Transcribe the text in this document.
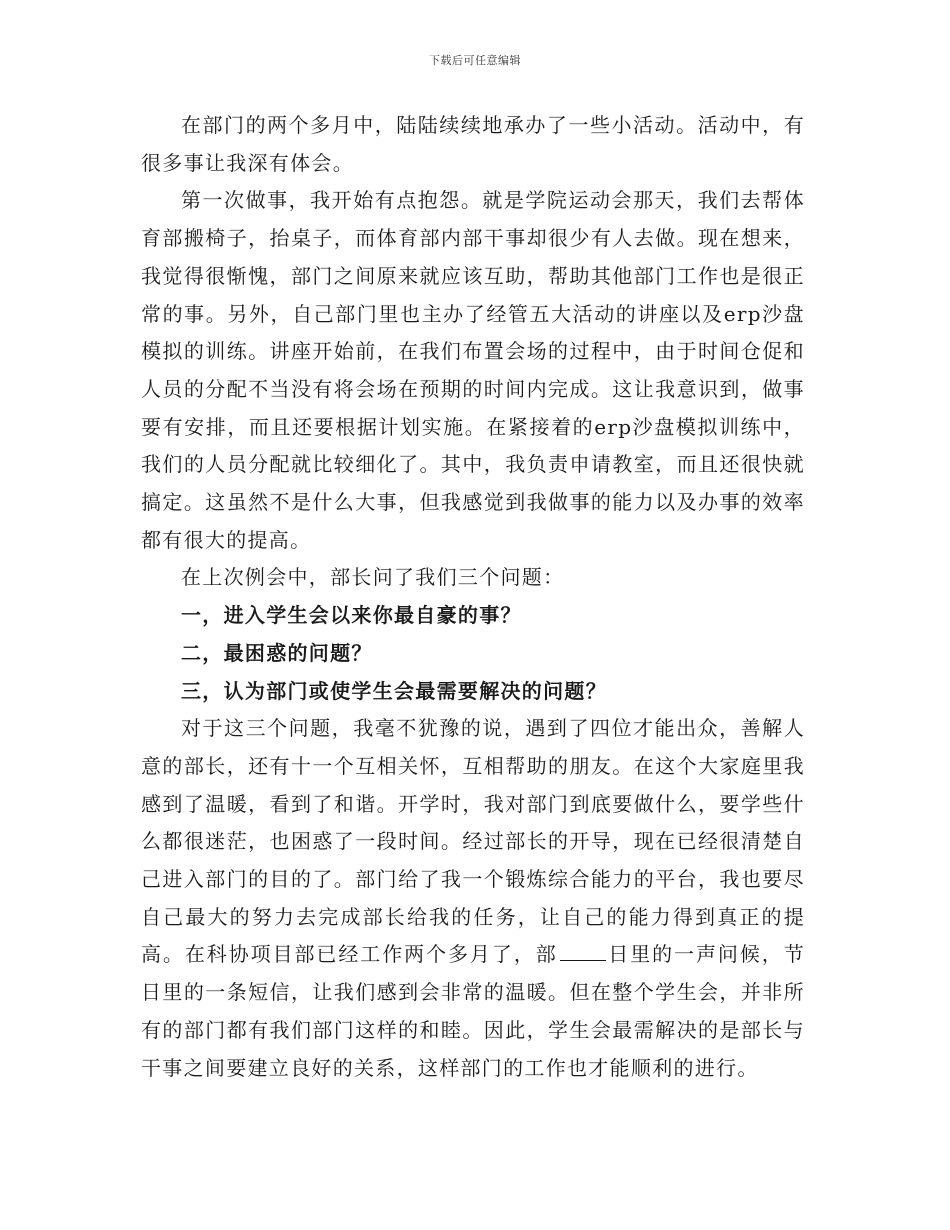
下载后可任意编辑

在部门的两个多月中，陆陆续续地承办了一些小活动。活动中，有很多事让我深有体会。

第一次做事，我开始有点抱怨。就是学院运动会那天，我们去帮体育部搬椅子，抬桌子，而体育部内部干事却很少有人去做。现在想来，我觉得很惭愧，部门之间原来就应该互助，帮助其他部门工作也是很正常的事。另外，自己部门里也主办了经管五大活动的讲座以及erp沙盘模拟的训练。讲座开始前，在我们布置会场的过程中，由于时间仓促和人员的分配不当没有将会场在预期的时间内完成。这让我意识到，做事要有安排，而且还要根据计划实施。在紧接着的erp沙盘模拟训练中，我们的人员分配就比较细化了。其中，我负责申请教室，而且还很快就搞定。这虽然不是什么大事，但我感觉到我做事的能力以及办事的效率都有很大的提高。

在上次例会中，部长问了我们三个问题：

一，进入学生会以来你最自豪的事？

二，最困惑的问题？

三，认为部门或使学生会最需要解决的问题？

对于这三个问题，我毫不犹豫的说，遇到了四位才能出众，善解人意的部长，还有十一个互相关怀，互相帮助的朋友。在这个大家庭里我感到了温暖，看到了和谐。开学时，我对部门到底要做什么，要学些什么都很迷茫，也困惑了一段时间。经过部长的开导，现在已经很清楚自己进入部门的目的了。部门给了我一个锻炼综合能力的平台，我也要尽自己最大的努力去完成部长给我的任务，让自己的能力得到真正的提高。在科协项目部已经工作两个多月了，部	日里的一声问候，节日里的一条短信，让我们感到会非常的温暖。但在整个学生会，并非所有的部门都有我们部门这样的和睦。因此，学生会最需解决的是部长与干事之间要建立良好的关系，这样部门的工作也才能顺利的进行。
